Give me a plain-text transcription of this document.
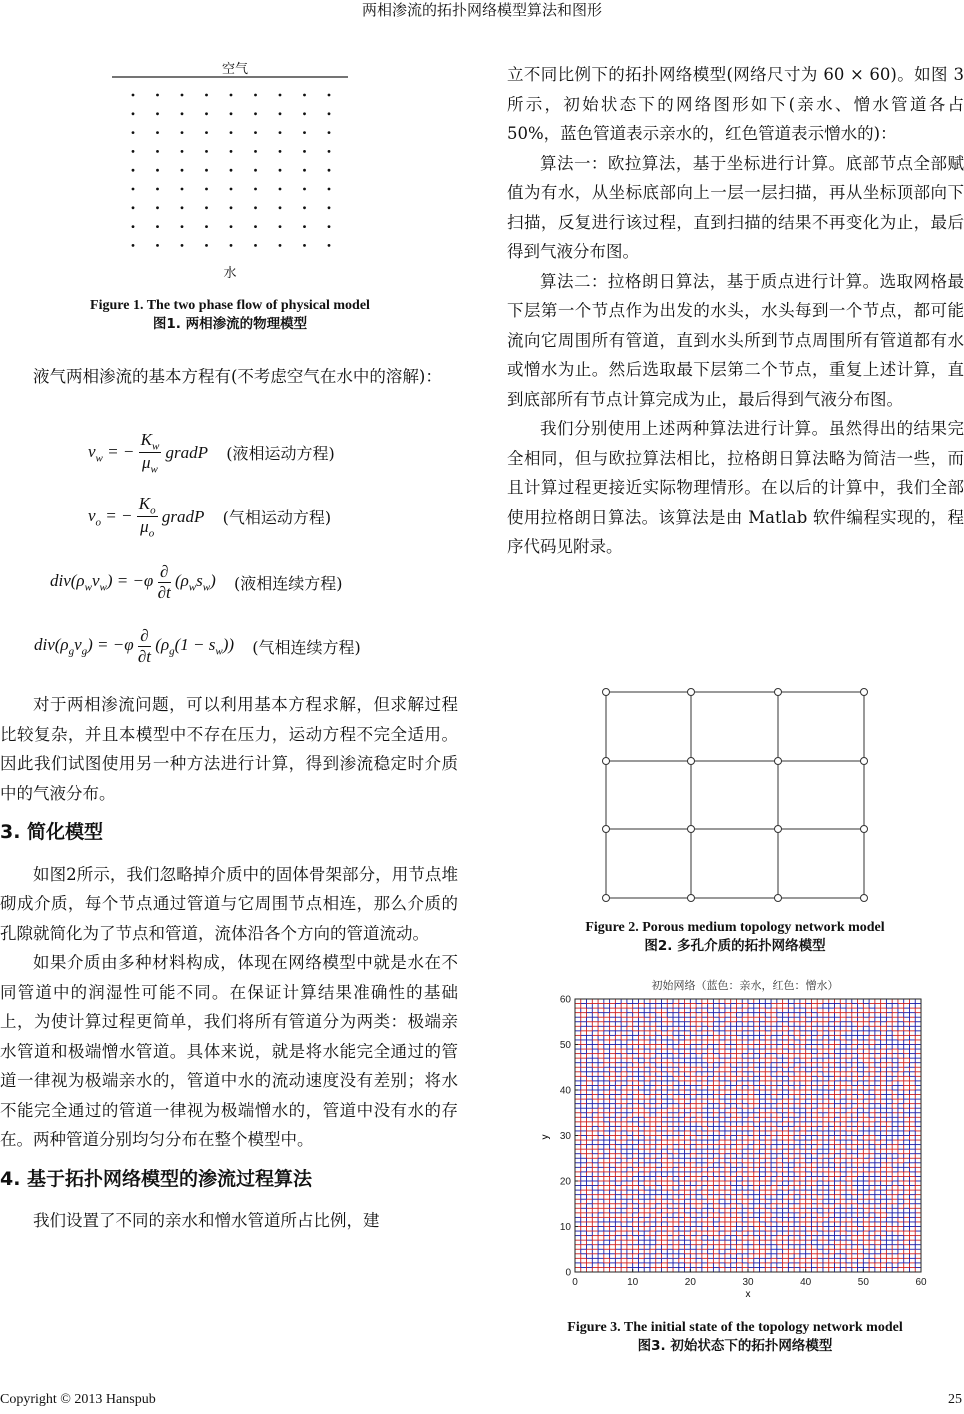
两相渗流的拓扑网络模型算法和图形
空气
水
Figure 1. The two phase flow of physical model
图1. 两相渗流的物理模型

液气两相渗流的基本方程有(不考虑空气在水中的溶解)：

$v_w$ = − $\frac{K_w}{\mu_w}$ gradP (液相运动方程)
$v_o$ = − $\frac{K_o}{\mu_o}$ gradP (气相运动方程)
$div(\rho_wv_w) = -\varphi$ ∂
∂t
$(\rho_ws_w)$ (液相连续方程)
$div(\rho_gv_g) = -\varphi$ ∂
∂t
$(\rho_g(1 - s_w))$ (气相连续方程)

对于两相渗流问题，可以利用基本方程求解，但求解过程比较复杂，并且本模型中不存在压力，运动方程不完全适用。因此我们试图使用另一种方法进行计算，得到渗流稳定时介质中的气液分布。

3. 简化模型

如图2所示，我们忽略掉介质中的固体骨架部分，用节点堆砌成介质，每个节点通过管道与它周围节点相连，那么介质的孔隙就简化为了节点和管道，流体沿各个方向的管道流动。

如果介质由多种材料构成，体现在网络模型中就是水在不同管道中的润湿性可能不同。在保证计算结果准确性的基础上，为使计算过程更简单，我们将所有管道分为两类：极端亲水管道和极端憎水管道。具体来说，就是将水能完全通过的管道一律视为极端亲水的，管道中水的流动速度没有差别；将水不能完全通过的管道一律视为极端憎水的，管道中没有水的存在。两种管道分别均匀分布在整个模型中。

4. 基于拓扑网络模型的渗流过程算法

我们设置了不同的亲水和憎水管道所占比例，建

立不同比例下的拓扑网络模型(网络尺寸为 60 × 60)。如图 3 所示，初始状态下的网络图形如下(亲水、憎水管道各占 50%，蓝色管道表示亲水的，红色管道表示憎水的)：

算法一：欧拉算法，基于坐标进行计算。底部节点全部赋值为有水，从坐标底部向上一层一层扫描，再从坐标顶部向下扫描，反复进行该过程，直到扫描的结果不再变化为止，最后得到气液分布图。

算法二：拉格朗日算法，基于质点进行计算。选取网格最下层第一个节点作为出发的水头，水头每到一个节点，都可能流向它周围所有管道，直到水头所到节点周围所有管道都有水或憎水为止。然后选取最下层第二个节点，重复上述计算，直到底部所有节点计算完成为止，最后得到气液分布图。

我们分别使用上述两种算法进行计算。虽然得出的结果完全相同，但与欧拉算法相比，拉格朗日算法略为简洁一些，而且计算过程更接近实际物理情形。在以后的计算中，我们全部使用拉格朗日算法。该算法是由 Matlab 软件编程实现的，程序代码见附录。

Figure 2. Porous medium topology network model
图2. 多孔介质的拓扑网络模型
初始网络（蓝色：亲水，红色：憎水）
0	10	20	30	40	50	60
0
10
20
30
40
50
60
x
y
Figure 3. The initial state of the topology network model
图3. 初始状态下的拓扑网络模型
Copyright © 2013 Hanspub	25
